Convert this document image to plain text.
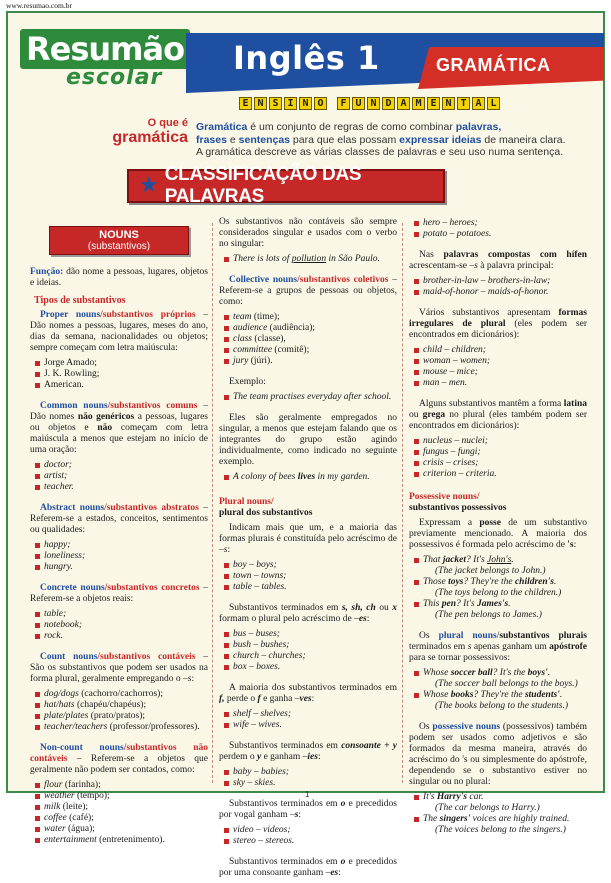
www.resumao.com.br
Resumão
escolar
Inglês 1	GRAMÁTICA
E N S I N O	F U N D A M E N T A L
O que é
gramática
Gramática é um conjunto de regras de como combinar palavras,
frases e sentenças para que elas possam expressar ideias de maneira clara.
A gramática descreve as várias classes de palavras e seu uso numa sentença.
★ CLASSIFICAÇÃO DAS PALAVRAS
NOUNS
(substantivos)

Função: dão nome a pessoas, lugares, objetos e ideias.

Tipos de substantivos

Proper nouns/substantivos próprios – Dão nomes a pessoas, lugares, meses do ano, dias da semana, nacionalidades ou objetos; sempre começam com letra maiúscula:

Jorge Amado;
J. K. Rowling;
American.

Common nouns/substantivos comuns – Dão nomes não genéricos a pessoas, lugares ou objetos e não começam com letra maiúscula a menos que estejam no início de uma oração:

doctor;
artist;
teacher.

Abstract nouns/substantivos abstratos – Referem-se a estados, conceitos, sentimentos ou qualidades:

happy;
loneliness;
hungry.

Concrete nouns/substantivos concretos – Referem-se a objetos reais:

table;
notebook;
rock.

Count nouns/substantivos contáveis – São os substantivos que podem ser usados na forma plural, geralmente empregando o –s:

dog/dogs (cachorro/cachorros);
hat/hats (chapéu/chapéus);
plate/plates (prato/pratos);
teacher/teachers (professor/professores).

Non-count nouns/substantivos não contáveis – Referem-se a objetos que geralmente não podem ser contados, como:

flour (farinha);
weather (tempo);
milk (leite);
coffee (café);
water (água);
entertainment (entretenimento).

Os substantivos não contáveis são sempre considerados singular e usados com o verbo no singular:

There is lots of pollution in São Paulo.

Collective nouns/substantivos coletivos – Referem-se a grupos de pessoas ou objetos, como:

team (time);
audience (audiência);
class (classe),
committee (comitê);
jury (júri).

Exemplo:

The team practises everyday after school.

Eles são geralmente empregados no singular, a menos que estejam falando que os integrantes do grupo estão agindo individualmente, como indicado no seguinte exemplo.

A colony of bees lives in my garden.
Plural nouns/
plural dos substantivos

Indicam mais que um, e a maioria das formas plurais é constituída pelo acréscimo de –s:

boy – boys;
town – towns;
table – tables.

Substantivos terminados em s, sh, ch ou x formam o plural pelo acréscimo de –es:

bus – buses;
bush – bushes;
church – churches;
box – boxes.

A maioria dos substantivos terminados em f, perde o f e ganha –ves:

shelf – shelves;
wife – wives.

Substantivos terminados em consoante + y perdem o y e ganham –ies:

baby – babies;
sky – skies.

Substantivos terminados em o e precedidos por vogal ganham –s:

video – videos;
stereo – stereos.

Substantivos terminados em o e precedidos por uma consoante ganham –es:

hero – heroes;
potato – potatoes.

Nas palavras compostas com hífen acrescentam-se –s à palavra principal:

brother-in-law – brothers-in-law;
maid-of-honor – maids-of-honor.

Vários substantivos apresentam formas irregulares de plural (eles podem ser encontrados em dicionários):

child – children;
woman – women;
mouse – mice;
man – men.

Alguns substantivos mantêm a forma latina ou grega no plural (eles também podem ser encontrados em dicionários):

nucleus – nuclei;
fungus – fungi;
crisis – crises;
criterion – criteria.
Possessive nouns/
substantivos possessivos

Expressam a posse de um substantivo previamente mencionado. A maioria dos possessivos é formada pelo acréscimo de 's:

That jacket? It's John's.
(The jacket belongs to John.)
Those toys? They're the children's.
(The toys belong to the children.)
This pen? It's James's.
(The pen belongs to James.)

Os plural nouns/substantivos plurais terminados em s apenas ganham um apóstrofe para se tornar possessivos:

Whose soccer ball? It's the boys'.
(The soccer ball belongs to the boys.)
Whose books? They're the students'.
(The books belong to the students.)

Os possessive nouns (possessivos) também podem ser usados como adjetivos e são formados da mesma maneira, através do acréscimo do 's ou simplesmente do apóstrofe, dependendo se o substantivo estiver no singular ou no plural:

It's Harry's car.
(The car belongs to Harry.)
The singers' voices are highly trained.
(The voices belong to the singers.)
1
